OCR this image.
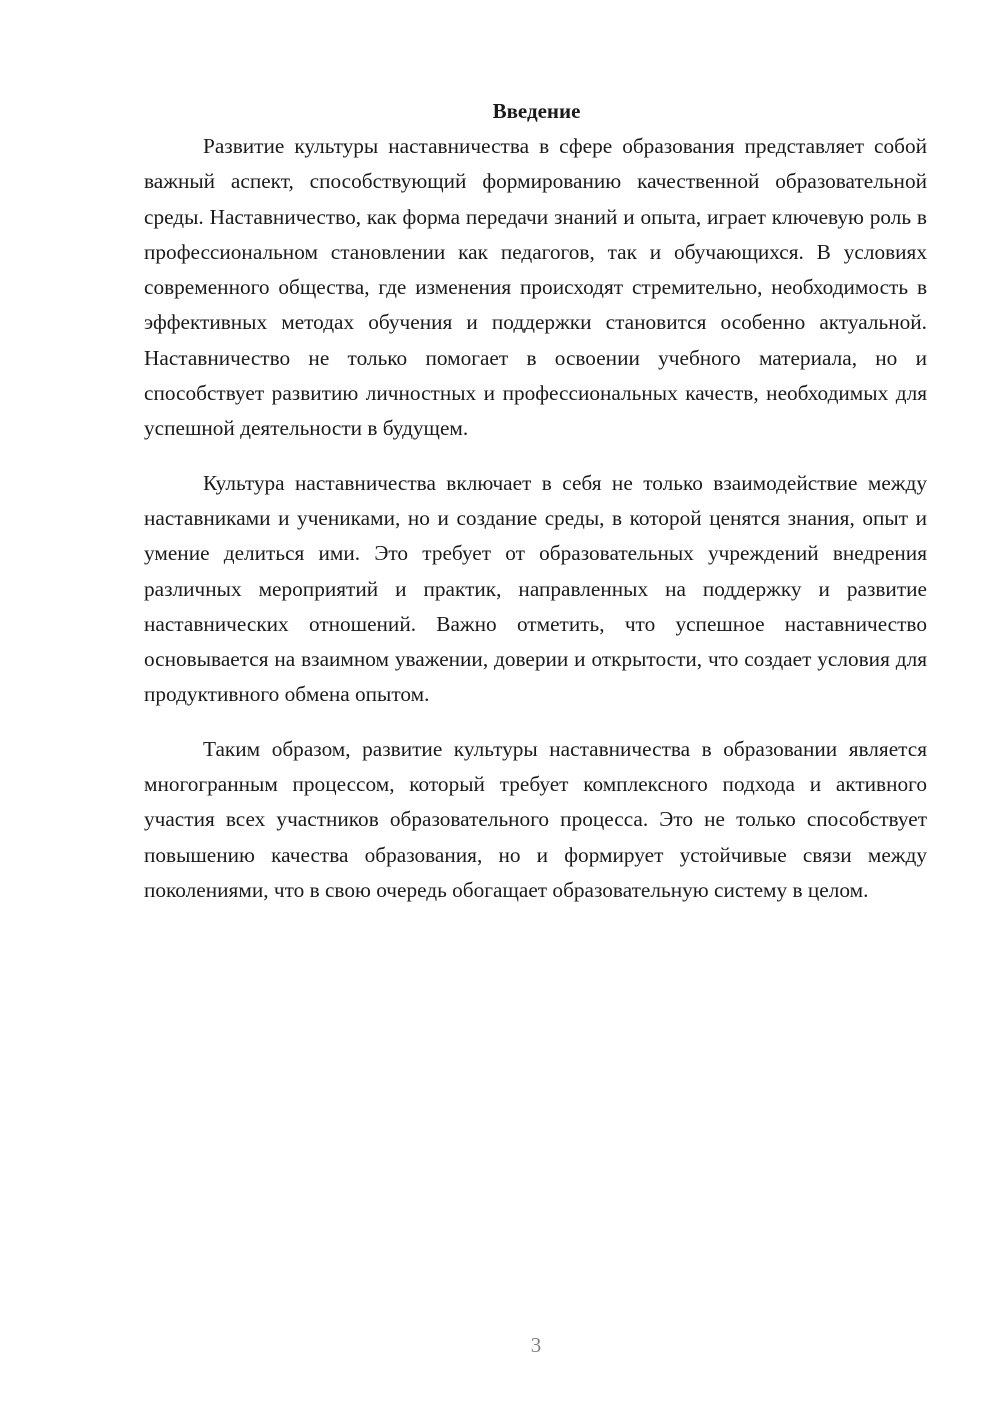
Введение

Развитие культуры наставничества в сфере образования представляет собой важный аспект, способствующий формированию качественной образовательной среды. Наставничество, как форма передачи знаний и опыта, играет ключевую роль в профессиональном становлении как педагогов, так и обучающихся. В условиях современного общества, где изменения происходят стремительно, необходимость в эффективных методах обучения и поддержки становится особенно актуальной. Наставничество не только помогает в освоении учебного материала, но и способствует развитию личностных и профессиональных качеств, необходимых для успешной деятельности в будущем.

Культура наставничества включает в себя не только взаимодействие между наставниками и учениками, но и создание среды, в которой ценятся знания, опыт и умение делиться ими. Это требует от образовательных учреждений внедрения различных мероприятий и практик, направленных на поддержку и развитие наставнических отношений. Важно отметить, что успешное наставничество основывается на взаимном уважении, доверии и открытости, что создает условия для продуктивного обмена опытом.

Таким образом, развитие культуры наставничества в образовании является многогранным процессом, который требует комплексного подхода и активного участия всех участников образовательного процесса. Это не только способствует повышению качества образования, но и формирует устойчивые связи между поколениями, что в свою очередь обогащает образовательную систему в целом.

3
